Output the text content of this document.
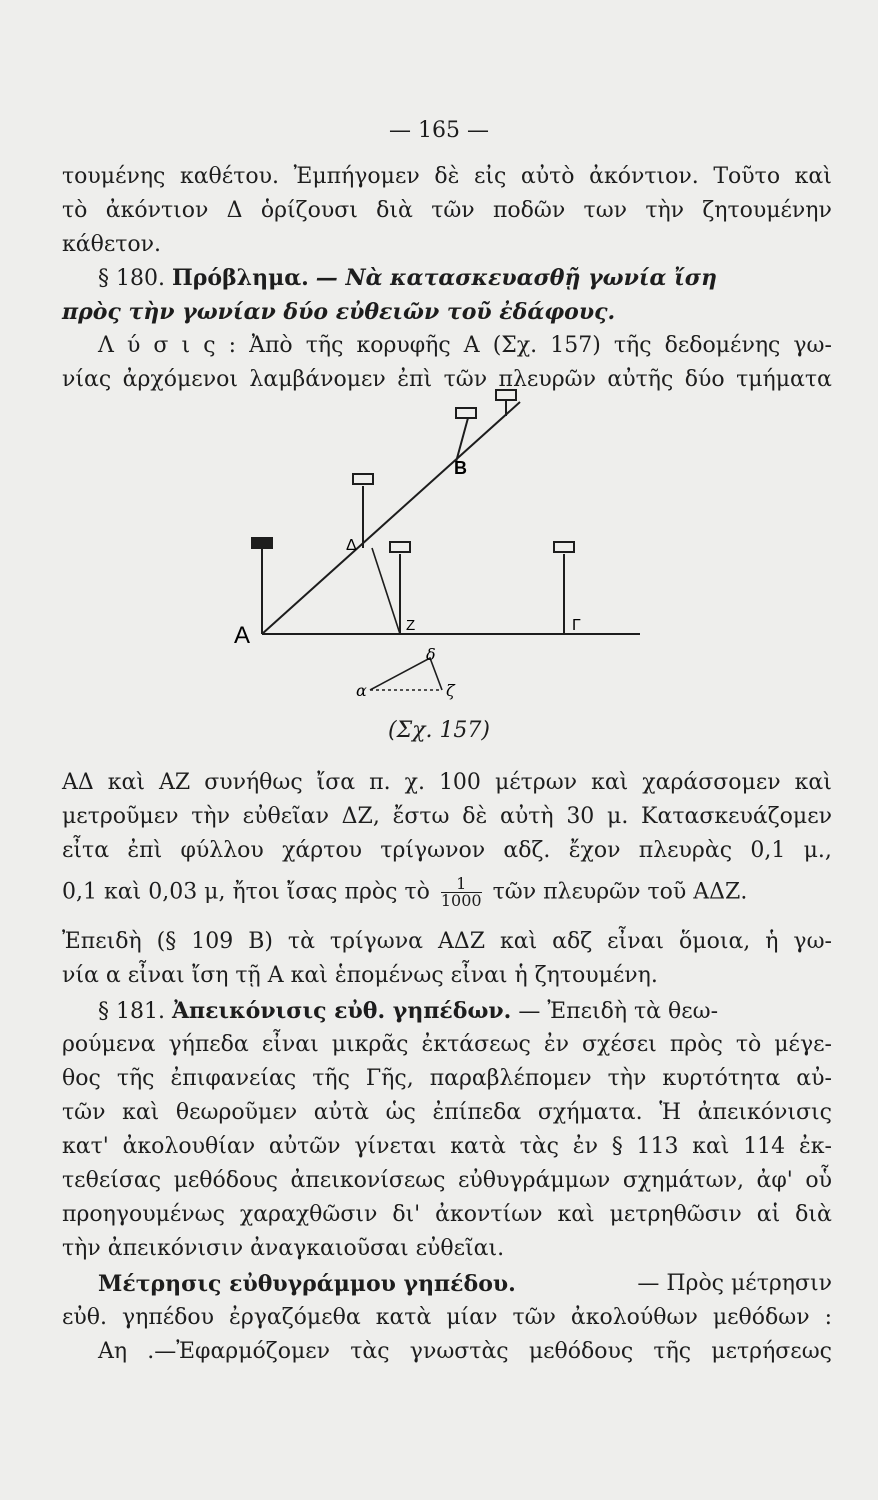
— 165 —
τουμένης καθέτου. Ἐμπήγομεν δὲ εἰς αὐτὸ ἀκόντιον. Τοῦτο καὶ
τὸ ἀκόντιον Δ ὁρίζουσι διὰ τῶν ποδῶν των τὴν ζητουμένην
κάθετον.
§ 180. Πρόβλημα. — Νὰ κατασκευασθῇ γωνία ἴση
πρὸς τὴν γωνίαν δύο εὐθειῶν τοῦ ἐδάφους.
Λ ύ σ ι ς : Ἀπὸ τῆς κορυφῆς Α (Σχ. 157) τῆς δεδομένης γω-
νίας ἀρχόμενοι λαμβάνομεν ἐπὶ τῶν πλευρῶν αὐτῆς δύο τμήματα
Α
Β
Δ
Ζ	Γ
α
δ
ζ
(Σχ. 157)
ΑΔ καὶ ΑΖ συνήθως ἴσα π. χ. 100 μέτρων καὶ χαράσσομεν καὶ
μετροῦμεν τὴν εὐθεῖαν ΔΖ, ἔστω δὲ αὐτὴ 30 μ. Κατασκευάζομεν
εἶτα ἐπὶ φύλλου χάρτου τρίγωνον αδζ. ἔχον πλευρὰς 0,1 μ.,
0,1 καὶ 0,03 μ, ἤτοι ἴσας πρὸς τὸ $\frac{1}{1000}$ τῶν πλευρῶν τοῦ ΑΔΖ.
Ἐπειδὴ (§ 109 Β) τὰ τρίγωνα ΑΔΖ καὶ αδζ εἶναι ὅμοια, ἡ γω-
νία α εἶναι ἴση τῇ Α καὶ ἑπομένως εἶναι ἡ ζητουμένη.
§ 181. Ἀπεικόνισις εὐθ. γηπέδων. — Ἐπειδὴ τὰ θεω-
ρούμενα γήπεδα εἶναι μικρᾶς ἐκτάσεως ἐν σχέσει πρὸς τὸ μέγε-
θος τῆς ἐπιφανείας τῆς Γῆς, παραβλέπομεν τὴν κυρτότητα αὐ-
τῶν καὶ θεωροῦμεν αὐτὰ ὡς ἐπίπεδα σχήματα. Ἡ ἀπεικόνισις
κατ' ἀκολουθίαν αὐτῶν γίνεται κατὰ τὰς ἐν § 113 καὶ 114 ἐκ-
τεθείσας μεθόδους ἀπεικονίσεως εὐθυγράμμων σχημάτων, ἀφ' οὗ
προηγουμένως χαραχθῶσιν δι' ἀκοντίων καὶ μετρηθῶσιν αἱ διὰ
τὴν ἀπεικόνισιν ἀναγκαιοῦσαι εὐθεῖαι.
Μέτρησις εὐθυγράμμου γηπέδου.	— Πρὸς μέτρησιν
εὐθ. γηπέδου ἐργαζόμεθα κατὰ μίαν τῶν ἀκολούθων μεθόδων :
Αη .—Ἐφαρμόζομεν τὰς γνωστὰς μεθόδους τῆς μετρήσεως
